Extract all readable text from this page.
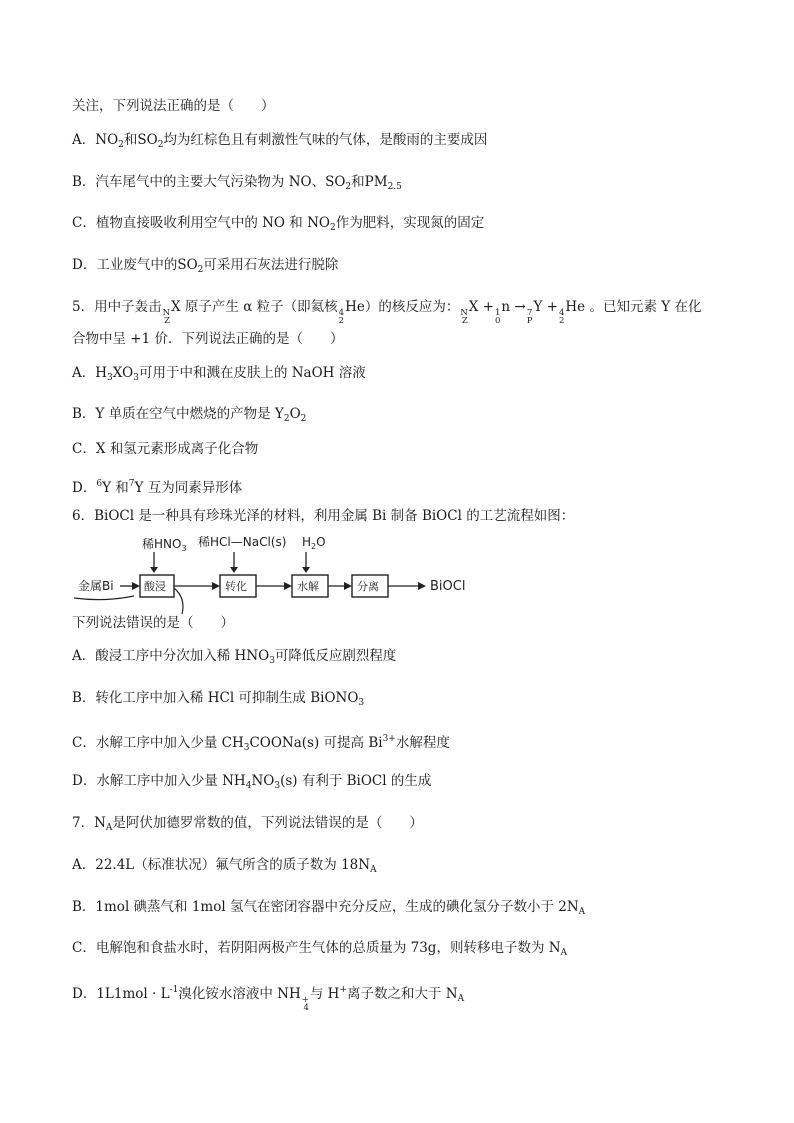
关注，下列说法正确的是（　　）
A．$NO_2$和$SO_2$均为红棕色且有刺激性气味的气体，是酸雨的主要成因
B．汽车尾气中的主要大气污染物为 NO、$SO_2$和$PM_{2.5}$
C．植物直接吸收利用空气中的 NO 和 $NO_2$作为肥料，实现氮的固定
D．工业废气中的$SO_2$可采用石灰法进行脱除
5．用中子轰击 N
Z
X 原子产生 α 粒子（即氦核 4
2
He）的核反应为： N
Z
X + 1
0
n → 7
P
Y + 4
2
He 。已知元素 Y 在化
合物中呈 +1 价．下列说法正确的是（　　）
A．$H_3XO_3$可用于中和溅在皮肤上的 NaOH 溶液
B．Y 单质在空气中燃烧的产物是 $Y_2O_2$
C．X 和氢元素形成离子化合物
D．$^6$Y 和$^7$Y 互为同素异形体
6．BiOCl 是一种具有珍珠光泽的材料，利用金属 Bi 制备 BiOCl 的工艺流程如图：
稀$HNO_3$ 稀HCl—NaCl(s) $H_2O$
金属Bi	酸浸	转化	水解	分离	BiOCl
下列说法错误的是（　　）
A．酸浸工序中分次加入稀 $HNO_3$可降低反应剧烈程度
B．转化工序中加入稀 HCl 可抑制生成 BiONO$_3$
C．水解工序中加入少量 $CH_3COONa(s)$ 可提高 $Bi^{3+}$水解程度
D．水解工序中加入少量 $NH_4NO_3(s)$ 有利于 BiOCl 的生成
7．$N_A$是阿伏加德罗常数的值，下列说法错误的是（　　）
A．22.4L（标准状况）氟气所含的质子数为 $18N_A$
B．1mol 碘蒸气和 1mol 氢气在密闭容器中充分反应，生成的碘化氢分子数小于 $2N_A$
C．电解饱和食盐水时，若阴阳两极产生气体的总质量为 73g，则转移电子数为 $N_A$
D．$1L1mol \cdot L^{-1}$溴化铵水溶液中 NH +
4
与 H+离子数之和大于 $N_A$
